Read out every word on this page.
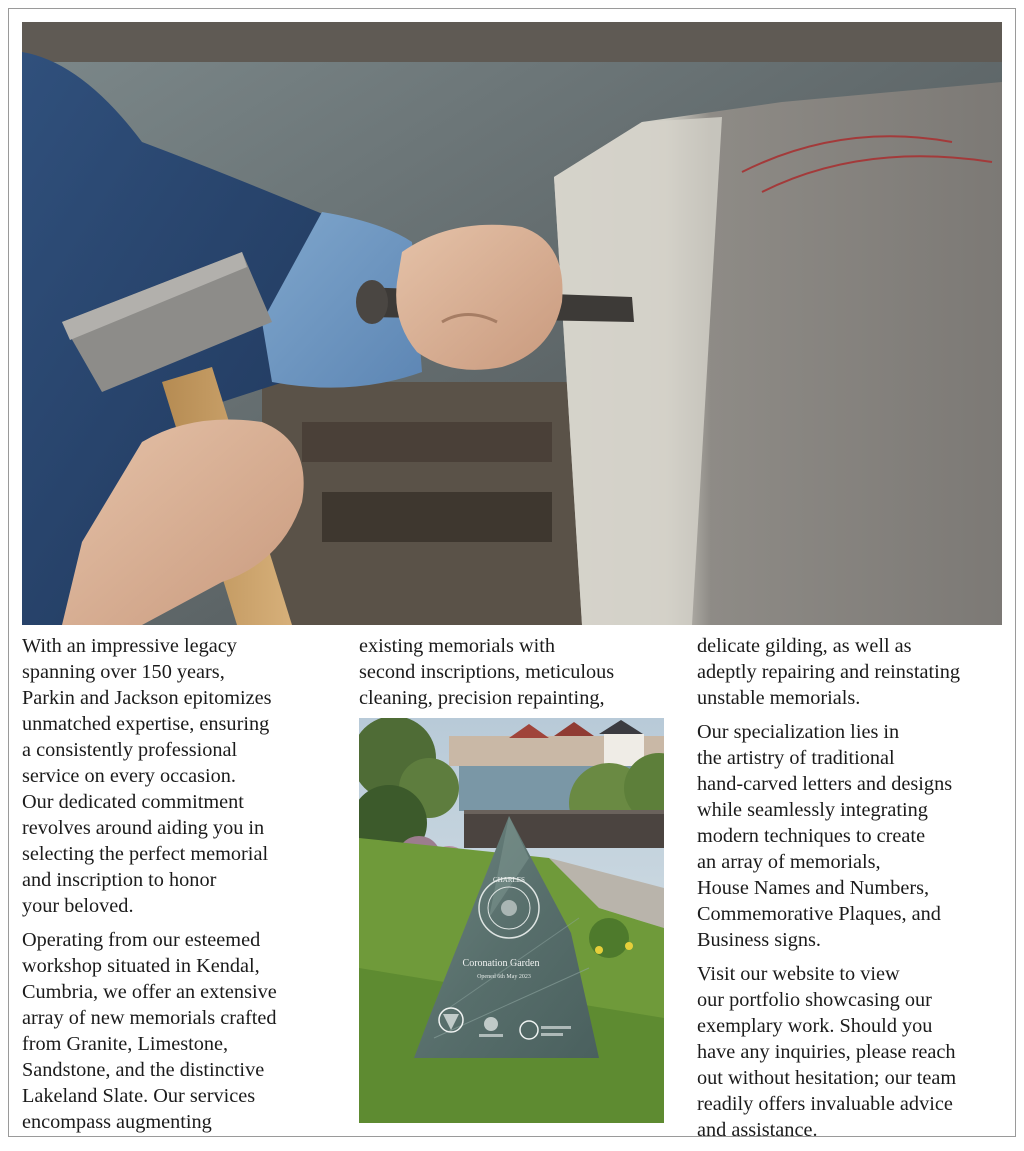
With an impressive legacy
spanning over 150 years,
Parkin and Jackson epitomizes
unmatched expertise, ensuring
a consistently professional
service on every occasion.
Our dedicated commitment
revolves around aiding you in
selecting the perfect memorial
and inscription to honor
your beloved.

Operating from our esteemed
workshop situated in Kendal,
Cumbria, we offer an extensive
array of new memorials crafted
from Granite, Limestone,
Sandstone, and the distinctive
Lakeland Slate. Our services
encompass augmenting

existing memorials with
second inscriptions, meticulous
cleaning, precision repainting,

CHARLES
Coronation Garden
Opened 6th May 2023

delicate gilding, as well as
adeptly repairing and reinstating
unstable memorials.

Our specialization lies in
the artistry of traditional
hand-carved letters and designs
while seamlessly integrating
modern techniques to create
an array of memorials,
House Names and Numbers,
Commemorative Plaques, and
Business signs.

Visit our website to view
our portfolio showcasing our
exemplary work. Should you
have any inquiries, please reach
out without hesitation; our team
readily offers invaluable advice
and assistance.
